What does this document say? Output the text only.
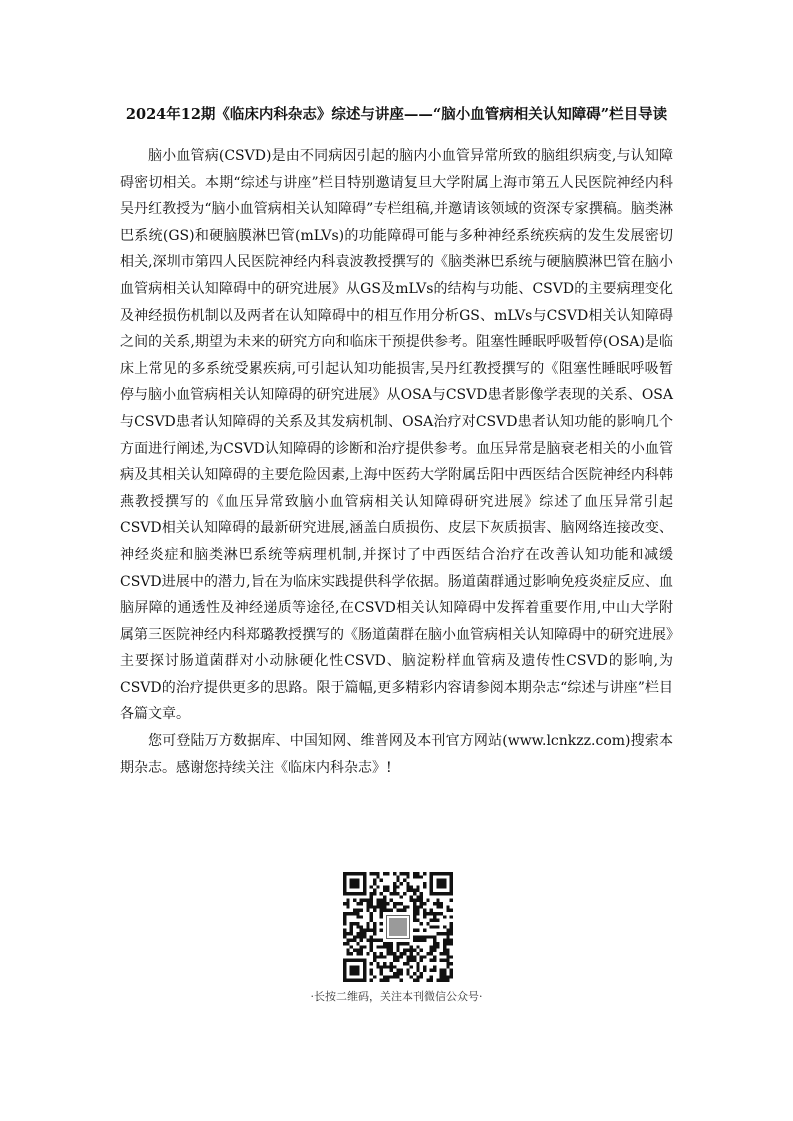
2024年12期《临床内科杂志》综述与讲座——“脑小血管病相关认知障碍”栏目导读

脑小血管病(CSVD)是由不同病因引起的脑内小血管异常所致的脑组织病变,与认知障碍密切相关。本期“综述与讲座”栏目特别邀请复旦大学附属上海市第五人民医院神经内科吴丹红教授为“脑小血管病相关认知障碍”专栏组稿,并邀请该领域的资深专家撰稿。脑类淋巴系统(GS)和硬脑膜淋巴管(mLVs)的功能障碍可能与多种神经系统疾病的发生发展密切相关,深圳市第四人民医院神经内科袁波教授撰写的《脑类淋巴系统与硬脑膜淋巴管在脑小血管病相关认知障碍中的研究进展》从GS及mLVs的结构与功能、CSVD的主要病理变化及神经损伤机制以及两者在认知障碍中的相互作用分析GS、mLVs与CSVD相关认知障碍之间的关系,期望为未来的研究方向和临床干预提供参考。阻塞性睡眠呼吸暂停(OSA)是临床上常见的多系统受累疾病,可引起认知功能损害,吴丹红教授撰写的《阻塞性睡眠呼吸暂停与脑小血管病相关认知障碍的研究进展》从OSA与CSVD患者影像学表现的关系、OSA与CSVD患者认知障碍的关系及其发病机制、OSA治疗对CSVD患者认知功能的影响几个方面进行阐述,为CSVD认知障碍的诊断和治疗提供参考。血压异常是脑衰老相关的小血管病及其相关认知障碍的主要危险因素,上海中医药大学附属岳阳中西医结合医院神经内科韩燕教授撰写的《血压异常致脑小血管病相关认知障碍研究进展》综述了血压异常引起CSVD相关认知障碍的最新研究进展,涵盖白质损伤、皮层下灰质损害、脑网络连接改变、神经炎症和脑类淋巴系统等病理机制,并探讨了中西医结合治疗在改善认知功能和减缓CSVD进展中的潜力,旨在为临床实践提供科学依据。肠道菌群通过影响免疫炎症反应、血脑屏障的通透性及神经递质等途径,在CSVD相关认知障碍中发挥着重要作用,中山大学附属第三医院神经内科郑璐教授撰写的《肠道菌群在脑小血管病相关认知障碍中的研究进展》主要探讨肠道菌群对小动脉硬化性CSVD、脑淀粉样血管病及遗传性CSVD的影响,为CSVD的治疗提供更多的思路。限于篇幅,更多精彩内容请参阅本期杂志“综述与讲座”栏目各篇文章。

您可登陆万方数据库、中国知网、维普网及本刊官方网站(www.lcnkzz.com)搜索本期杂志。感谢您持续关注《临床内科杂志》!

·长按二维码，关注本刊微信公众号·
